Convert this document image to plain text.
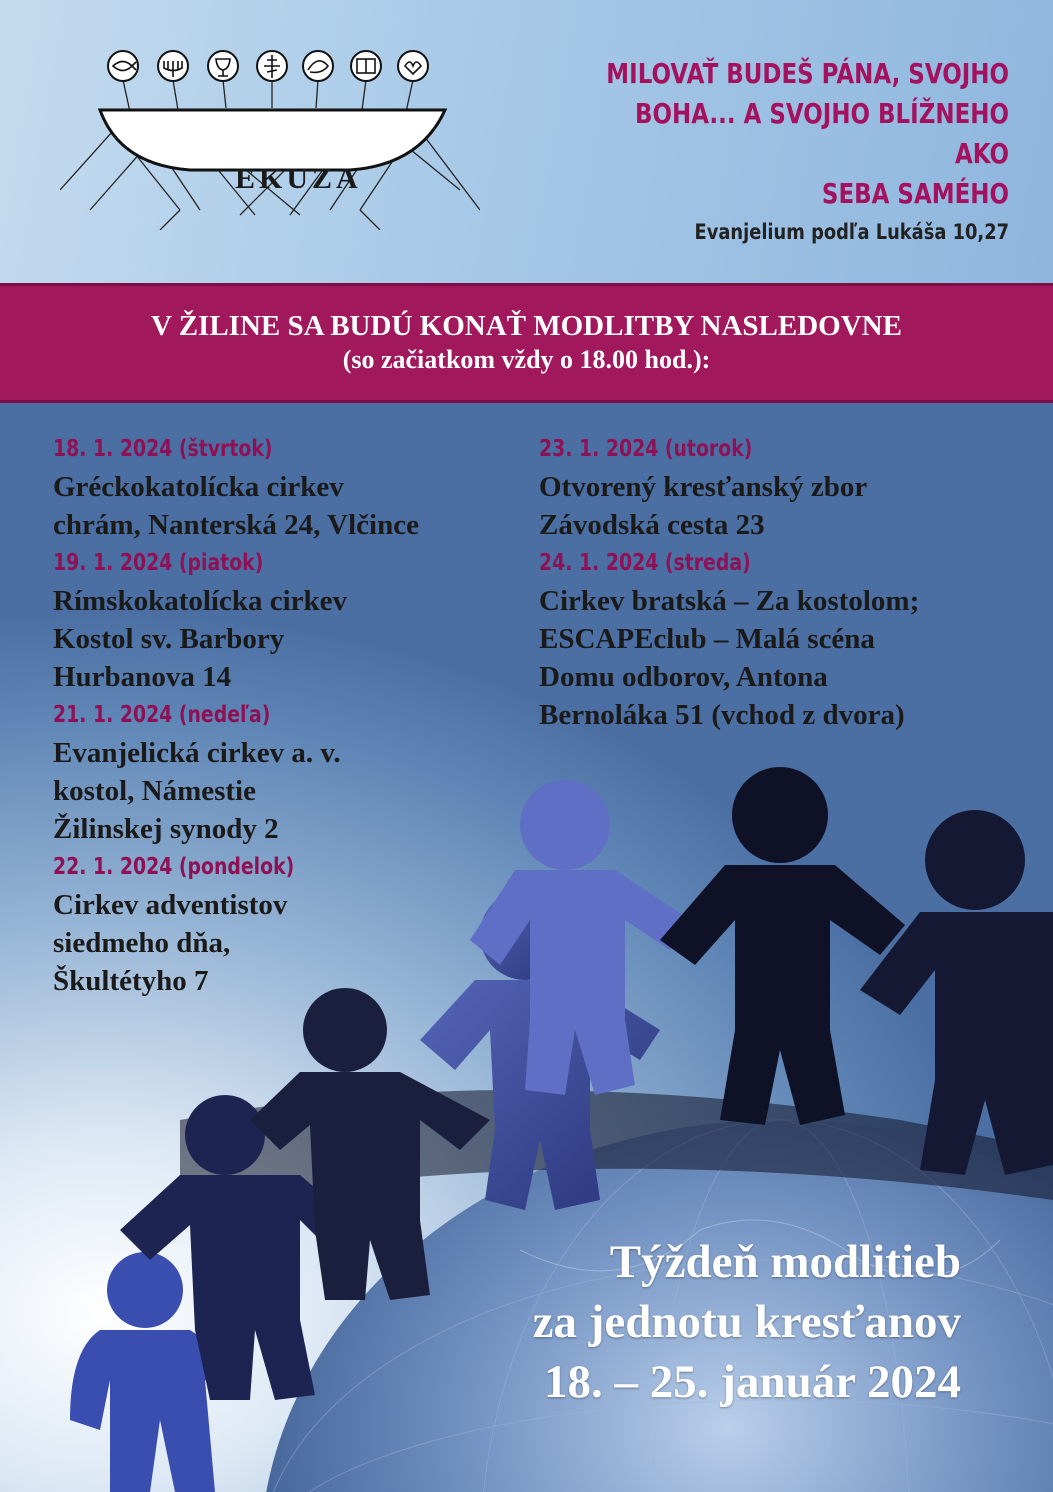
EKUZA
MILOVAŤ BUDEŠ PÁNA, SVOJHO
BOHA... A SVOJHO BLÍŽNEHO AKO
SEBA SAMÉHO
Evanjelium podľa Lukáša 10,27
V ŽILINE SA BUDÚ KONAŤ MODLITBY NASLEDOVNE
(so začiatkom vždy o 18.00 hod.):
18. 1. 2024 (štvrtok)
Gréckokatolícka cirkev
chrám, Nanterská 24, Vlčince
19. 1. 2024 (piatok)
Rímskokatolícka cirkev
Kostol sv. Barbory
Hurbanova 14
21. 1. 2024 (nedeľa)
Evanjelická cirkev a. v.
kostol, Námestie
Žilinskej synody 2
22. 1. 2024 (pondelok)
Cirkev adventistov
siedmeho dňa,
Škultétyho 7
23. 1. 2024 (utorok)
Otvorený kresťanský zbor
Závodská cesta 23
24. 1. 2024 (streda)
Cirkev bratská – Za kostolom;
ESCAPEclub – Malá scéna
Domu odborov, Antona
Bernoláka 51 (vchod z dvora)
Týždeň modlitieb
za jednotu kresťanov
18. – 25. január 2024
